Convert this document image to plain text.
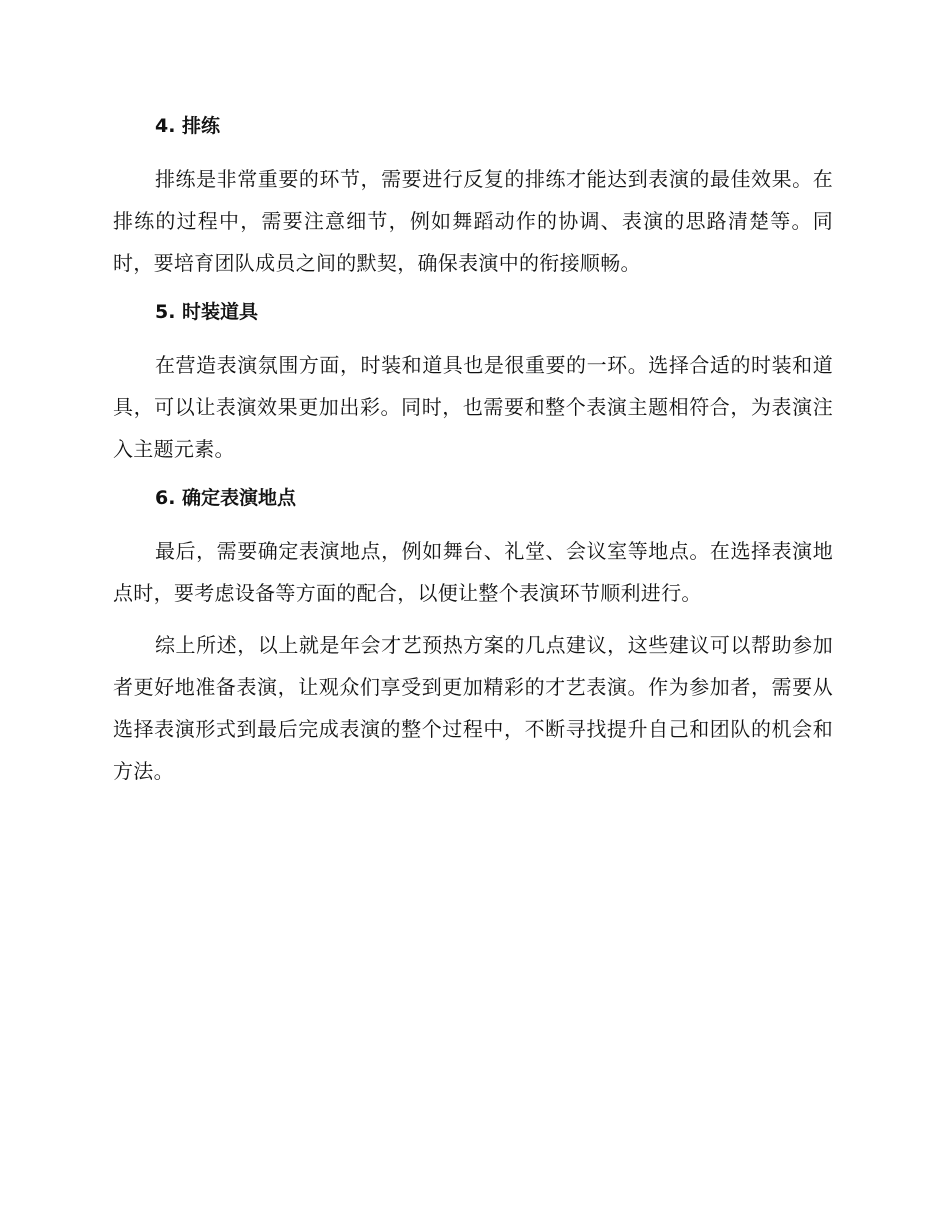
4. 排练

排练是非常重要的环节，需要进行反复的排练才能达到表演的最佳效果。在排练的过程中，需要注意细节，例如舞蹈动作的协调、表演的思路清楚等。同时，要培育团队成员之间的默契，确保表演中的衔接顺畅。

5. 时装道具

在营造表演氛围方面，时装和道具也是很重要的一环。选择合适的时装和道具，可以让表演效果更加出彩。同时，也需要和整个表演主题相符合，为表演注入主题元素。

6. 确定表演地点

最后，需要确定表演地点，例如舞台、礼堂、会议室等地点。在选择表演地点时，要考虑设备等方面的配合，以便让整个表演环节顺利进行。

综上所述，以上就是年会才艺预热方案的几点建议，这些建议可以帮助参加者更好地准备表演，让观众们享受到更加精彩的才艺表演。作为参加者，需要从选择表演形式到最后完成表演的整个过程中，不断寻找提升自己和团队的机会和方法。
